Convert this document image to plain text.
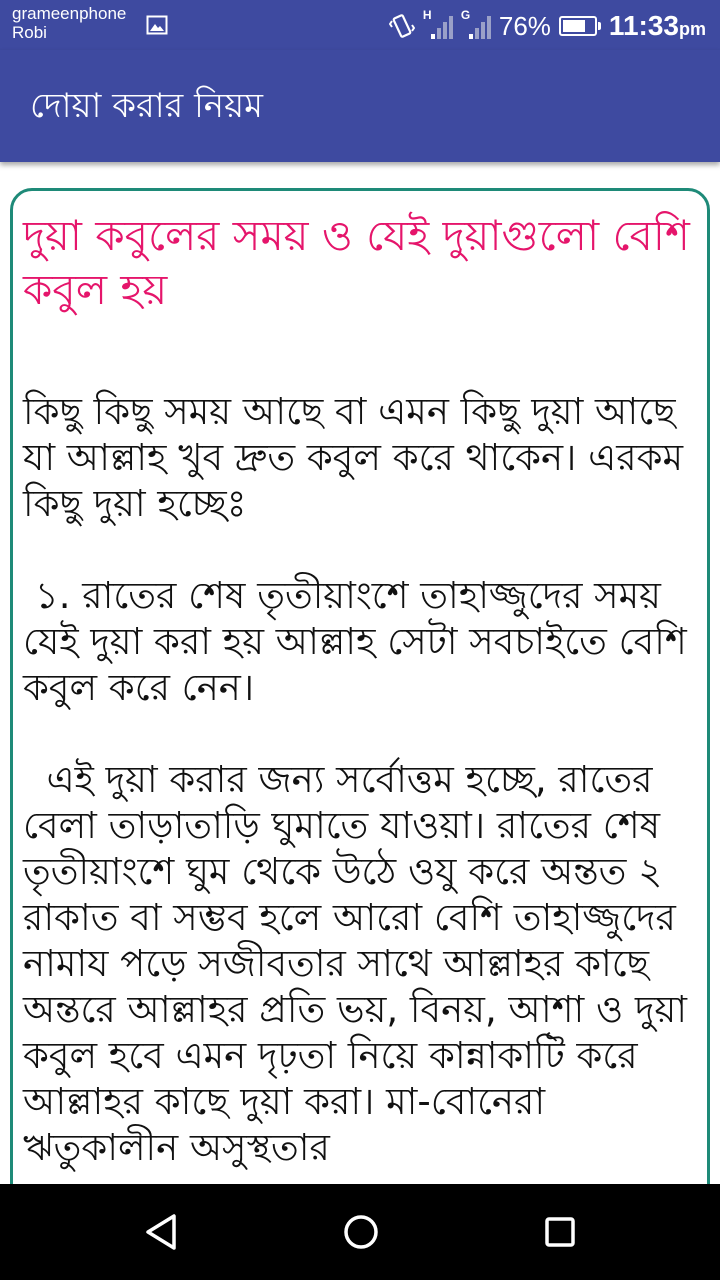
grameenphone
Robi
H G 76% 11:33pm
দোয়া করার নিয়ম
দুয়া কবুলের সময় ও যেই দুয়াগুলো বেশি কবুল হয়

কিছু কিছু সময় আছে বা এমন কিছু দুয়া আছে যা আল্লাহ খুব দ্রুত কবুল করে থাকেন। এরকম কিছু দুয়া হচ্ছেঃ

১. রাতের শেষ তৃতীয়াংশে তাহাজ্জুদের সময় যেই দুয়া করা হয় আল্লাহ সেটা সবচাইতে বেশি কবুল করে নেন।

এই দুয়া করার জন্য সর্বোত্তম হচ্ছে, রাতের বেলা তাড়াতাড়ি ঘুমাতে যাওয়া। রাতের শেষ তৃতীয়াংশে ঘুম থেকে উঠে ওযু করে অন্তত ২ রাকাত বা সম্ভব হলে আরো বেশি তাহাজ্জুদের নামায পড়ে সজীবতার সাথে আল্লাহর কাছে অন্তরে আল্লাহর প্রতি ভয়, বিনয়, আশা ও দুয়া কবুল হবে এমন দৃঢ়তা নিয়ে কান্নাকাটি করে আল্লাহর কাছে দুয়া করা। মা-বোনেরা ঋতুকালীন অসুস্থতার
